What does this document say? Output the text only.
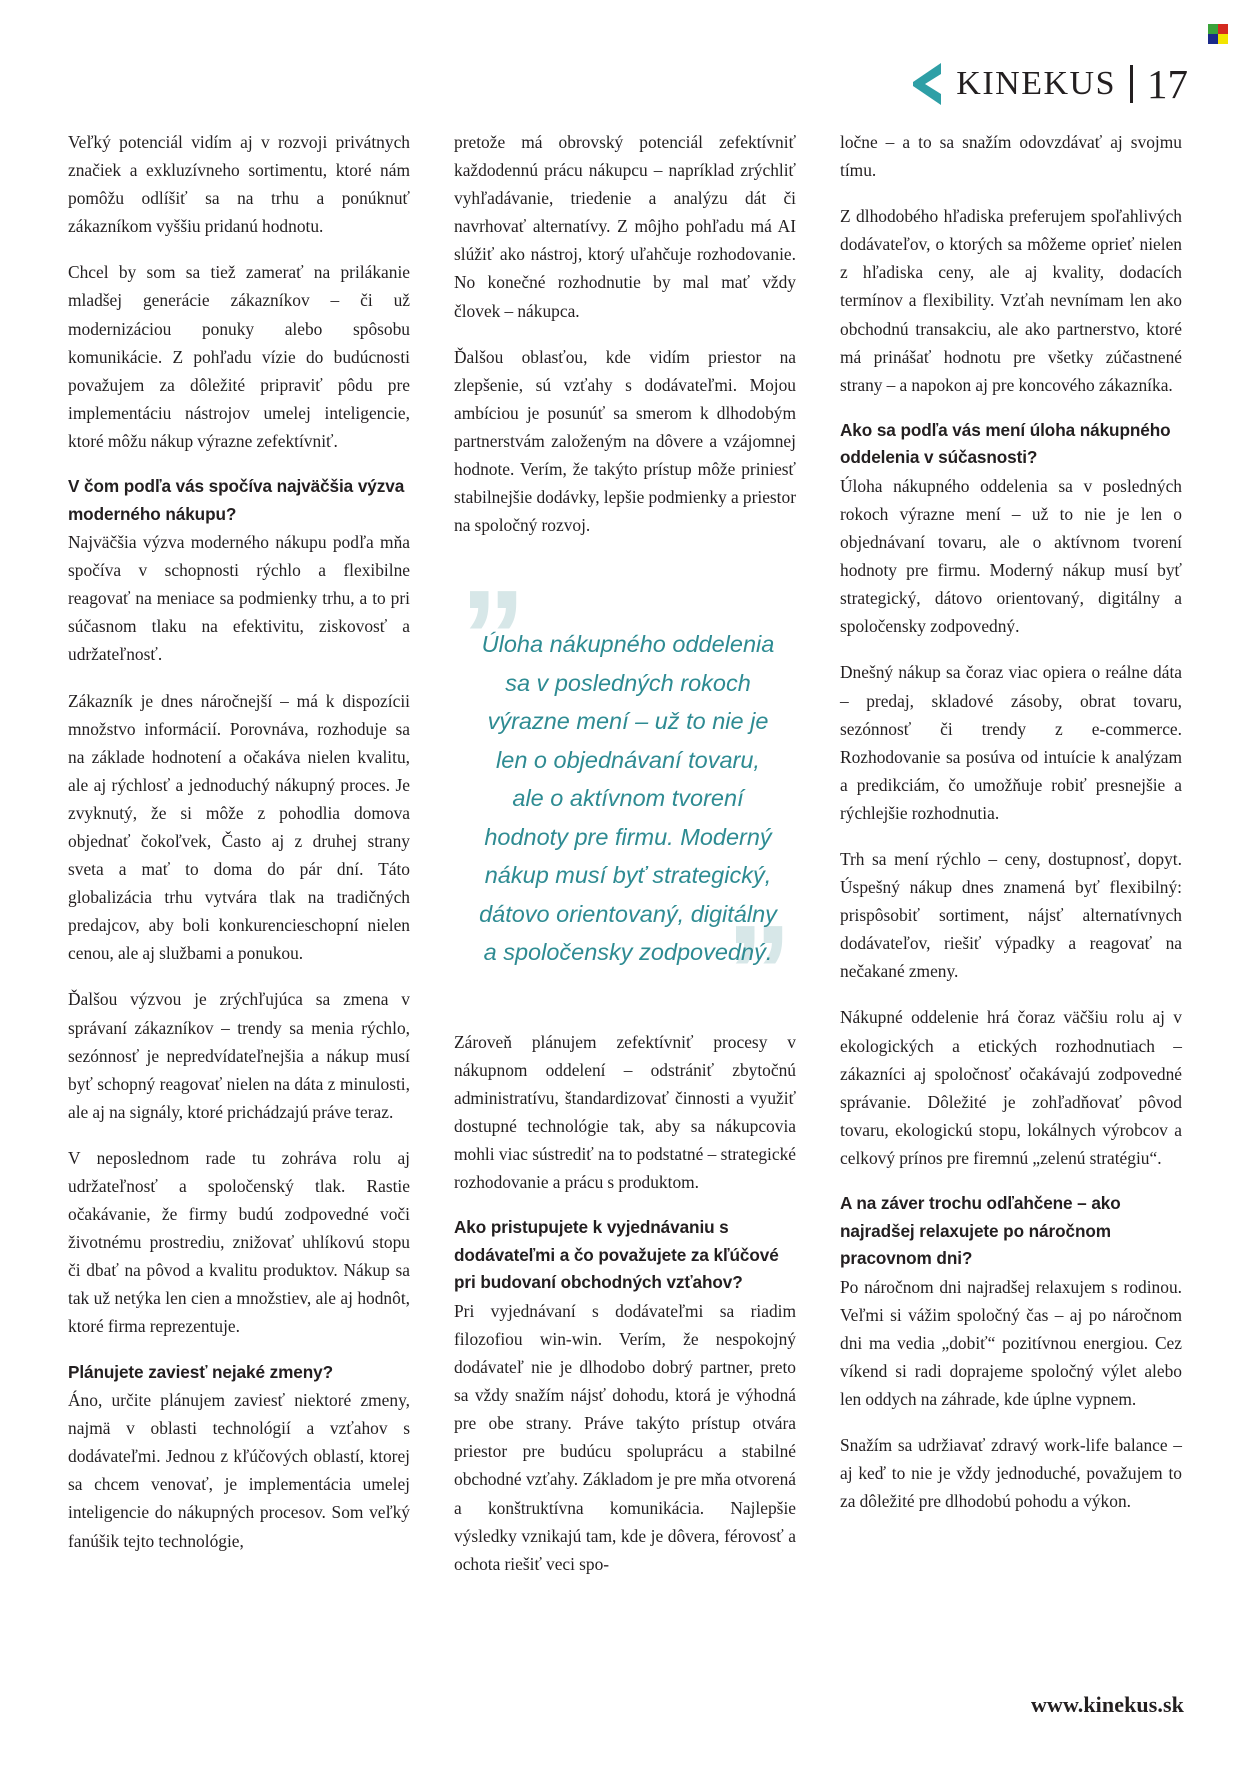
KINEKUS 17

Veľký potenciál vidím aj v rozvoji privátnych značiek a exkluzívneho sortimentu, ktoré nám pomôžu odlíšiť sa na trhu a ponúknuť zákazníkom vyššiu pridanú hodnotu.

Chcel by som sa tiež zamerať na prilákanie mladšej generácie zákazníkov – či už modernizáciou ponuky alebo spôsobu komunikácie. Z pohľadu vízie do budúcnosti považujem za dôležité pripraviť pôdu pre implementáciu nástrojov umelej inteligencie, ktoré môžu nákup výrazne zefektívniť.

V čom podľa vás spočíva najväčšia výzva moderného nákupu?

Najväčšia výzva moderného nákupu podľa mňa spočíva v schopnosti rýchlo a flexibilne reagovať na meniace sa podmienky trhu, a to pri súčasnom tlaku na efektivitu, ziskovosť a udržateľnosť.

Zákazník je dnes náročnejší – má k dispozícii množstvo informácií. Porovnáva, rozhoduje sa na základe hodnotení a očakáva nielen kvalitu, ale aj rýchlosť a jednoduchý nákupný proces. Je zvyknutý, že si môže z pohodlia domova objednať čokoľvek, Často aj z druhej strany sveta a mať to doma do pár dní. Táto globalizácia trhu vytvára tlak na tradičných predajcov, aby boli konkurencieschopní nielen cenou, ale aj službami a ponukou.

Ďalšou výzvou je zrýchľujúca sa zmena v správaní zákazníkov – trendy sa menia rýchlo, sezónnosť je nepredvídateľnejšia a nákup musí byť schopný reagovať nielen na dáta z minulosti, ale aj na signály, ktoré prichádzajú práve teraz.

V neposlednom rade tu zohráva rolu aj udržateľnosť a spoločenský tlak. Rastie očakávanie, že firmy budú zodpovedné voči životnému prostrediu, znižovať uhlíkovú stopu či dbať na pôvod a kvalitu produktov. Nákup sa tak už netýka len cien a množstiev, ale aj hodnôt, ktoré firma reprezentuje.

Plánujete zaviesť nejaké zmeny?

Áno, určite plánujem zaviesť niektoré zmeny, najmä v oblasti technológií a vzťahov s dodávateľmi. Jednou z kľúčových oblastí, ktorej sa chcem venovať, je implementácia umelej inteligencie do nákupných procesov. Som veľký fanúšik tejto technológie,

pretože má obrovský potenciál zefektívniť každodennú prácu nákupcu – napríklad zrýchliť vyhľadávanie, triedenie a analýzu dát či navrhovať alternatívy. Z môjho pohľadu má AI slúžiť ako nástroj, ktorý uľahčuje rozhodovanie. No konečné rozhodnutie by mal mať vždy človek – nákupca.

Ďalšou oblasťou, kde vidím priestor na zlepšenie, sú vzťahy s dodávateľmi. Mojou ambíciou je posunúť sa smerom k dlhodobým partnerstvám založeným na dôvere a vzájomnej hodnote. Verím, že takýto prístup môže priniesť stabilnejšie dodávky, lepšie podmienky a priestor na spoločný rozvoj.

”
”
Úloha nákupného oddelenia sa v posledných rokoch výrazne mení – už to nie je len o objednávaní tovaru, ale o aktívnom tvorení hodnoty pre firmu. Moderný nákup musí byť strategický, dátovo orientovaný, digitálny a spoločensky zodpovedný.

Zároveň plánujem zefektívniť procesy v nákupnom oddelení – odstrániť zbytočnú administratívu, štandardizovať činnosti a využiť dostupné technológie tak, aby sa nákupcovia mohli viac sústrediť na to podstatné – strategické rozhodovanie a prácu s produktom.

Ako pristupujete k vyjednávaniu s dodávateľmi a čo považujete za kľúčové pri budovaní obchodných vzťahov?

Pri vyjednávaní s dodávateľmi sa riadim filozofiou win-win. Verím, že nespokojný dodávateľ nie je dlhodobo dobrý partner, preto sa vždy snažím nájsť dohodu, ktorá je výhodná pre obe strany. Práve takýto prístup otvára priestor pre budúcu spoluprácu a stabilné obchodné vzťahy. Základom je pre mňa otvorená a konštruktívna komunikácia. Najlepšie výsledky vznikajú tam, kde je dôvera, férovosť a ochota riešiť veci spo-

ločne – a to sa snažím odovzdávať aj svojmu tímu.

Z dlhodobého hľadiska preferujem spoľahlivých dodávateľov, o ktorých sa môžeme oprieť nielen z hľadiska ceny, ale aj kvality, dodacích termínov a flexibility. Vzťah nevnímam len ako obchodnú transakciu, ale ako partnerstvo, ktoré má prinášať hodnotu pre všetky zúčastnené strany – a napokon aj pre koncového zákazníka.

Ako sa podľa vás mení úloha nákupného oddelenia v súčasnosti?

Úloha nákupného oddelenia sa v posledných rokoch výrazne mení – už to nie je len o objednávaní tovaru, ale o aktívnom tvorení hodnoty pre firmu. Moderný nákup musí byť strategický, dátovo orientovaný, digitálny a spoločensky zodpovedný.

Dnešný nákup sa čoraz viac opiera o reálne dáta – predaj, skladové zásoby, obrat tovaru, sezónnosť či trendy z e-commerce. Rozhodovanie sa posúva od intuície k analýzam a predikciám, čo umožňuje robiť presnejšie a rýchlejšie rozhodnutia.

Trh sa mení rýchlo – ceny, dostupnosť, dopyt. Úspešný nákup dnes znamená byť flexibilný: prispôsobiť sortiment, nájsť alternatívnych dodávateľov, riešiť výpadky a reagovať na nečakané zmeny.

Nákupné oddelenie hrá čoraz väčšiu rolu aj v ekologických a etických rozhodnutiach – zákazníci aj spoločnosť očakávajú zodpovedné správanie. Dôležité je zohľadňovať pôvod tovaru, ekologickú stopu, lokálnych výrobcov a celkový prínos pre firemnú „zelenú stratégiu“.

A na záver trochu odľahčene – ako najradšej relaxujete po náročnom pracovnom dni?

Po náročnom dni najradšej relaxujem s rodinou. Veľmi si vážim spoločný čas – aj po náročnom dni ma vedia „dobiť“ pozitívnou energiou. Cez víkend si radi doprajeme spoločný výlet alebo len oddych na záhrade, kde úplne vypnem.

Snažím sa udržiavať zdravý work-life balance – aj keď to nie je vždy jednoduché, považujem to za dôležité pre dlhodobú pohodu a výkon.

www.kinekus.sk
